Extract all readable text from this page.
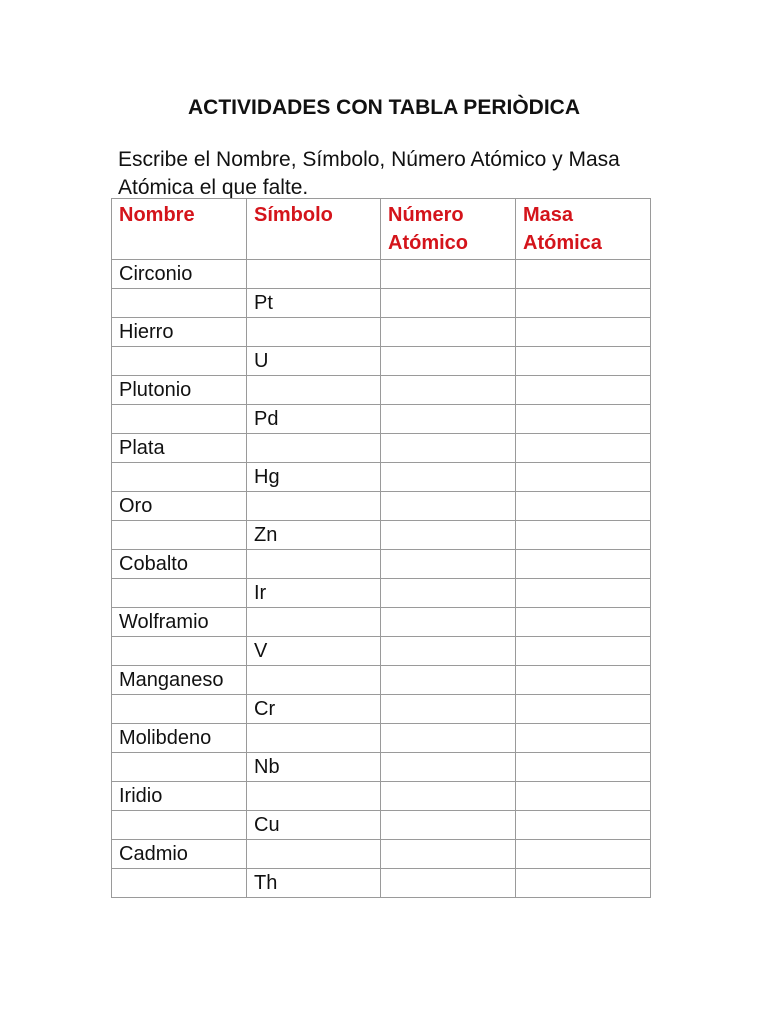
ACTIVIDADES CON TABLA PERIÒDICA
Escribe el Nombre, Símbolo, Número Atómico y Masa Atómica el que falte.
Nombre	Símbolo	Número Atómico	Masa Atómica
Circonio			
	Pt		
Hierro			
	U		
Plutonio			
	Pd		
Plata			
	Hg		
Oro			
	Zn		
Cobalto			
	Ir		
Wolframio			
	V		
Manganeso			
	Cr		
Molibdeno			
	Nb		
Iridio			
	Cu		
Cadmio			
	Th		
